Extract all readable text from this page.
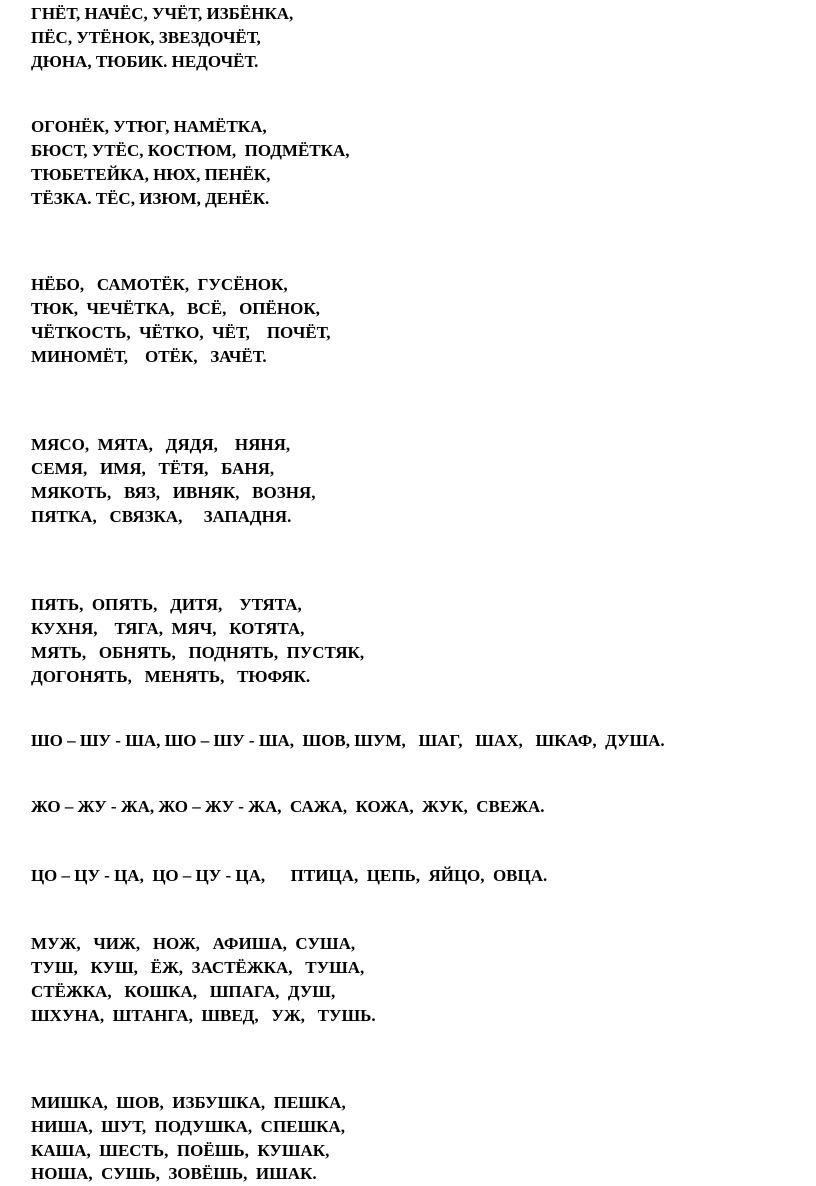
ГНЁТ, НАЧЁС, УЧЁТ, ИЗБЁНКА,
ПЁС, УТЁНОК, ЗВЕЗДОЧЁТ,
ДЮНА, ТЮБИК. НЕДОЧЁТ.
ОГОНЁК, УТЮГ, НАМЁТКА,
БЮСТ, УТЁС, КОСТЮМ,  ПОДМЁТКА,
ТЮБЕТЕЙКА, НЮХ, ПЕНЁК,
ТЁЗКА. ТЁС, ИЗЮМ, ДЕНЁК.
НЁБО,   САМОТЁК,  ГУСЁНОК,
ТЮК,  ЧЕЧЁТКА,   ВСЁ,   ОПЁНОК,
ЧЁТКОСТЬ,  ЧЁТКО,  ЧЁТ,    ПОЧЁТ,
МИНОМЁТ,    ОТЁК,   ЗАЧЁТ.
МЯСО,  МЯТА,   ДЯДЯ,    НЯНЯ,
СЕМЯ,   ИМЯ,   ТЁТЯ,   БАНЯ,
МЯКОТЬ,   ВЯЗ,   ИВНЯК,   ВОЗНЯ,
ПЯТКА,   СВЯЗКА,     ЗАПАДНЯ.
ПЯТЬ,  ОПЯТЬ,   ДИТЯ,    УТЯТА,
КУХНЯ,    ТЯГА,  МЯЧ,   КОТЯТА,
МЯТЬ,   ОБНЯТЬ,   ПОДНЯТЬ,  ПУСТЯК,
ДОГОНЯТЬ,   МЕНЯТЬ,   ТЮФЯК.
ШО – ШУ - ША, ШО – ШУ - ША,  ШОВ, ШУМ,   ШАГ,   ШАХ,   ШКАФ,  ДУША.
ЖО – ЖУ - ЖА, ЖО – ЖУ - ЖА,  САЖА,  КОЖА,  ЖУК,  СВЕЖА.
ЦО – ЦУ - ЦА,  ЦО – ЦУ - ЦА,      ПТИЦА,  ЦЕПЬ,  ЯЙЦО,  ОВЦА.
МУЖ,   ЧИЖ,   НОЖ,   АФИША,  СУША,
ТУШ,   КУШ,   ЁЖ,  ЗАСТЁЖКА,   ТУША,
СТЁЖКА,   КОШКА,   ШПАГА,  ДУШ,
ШХУНА,  ШТАНГА,  ШВЕД,   УЖ,   ТУШЬ.
МИШКА,  ШОВ,  ИЗБУШКА,  ПЕШКА,
НИША,  ШУТ,  ПОДУШКА,  СПЕШКА,
КАША,  ШЕСТЬ,  ПОЁШЬ,  КУШАК,
НОША,  СУШЬ,  ЗОВЁШЬ,  ИШАК.
